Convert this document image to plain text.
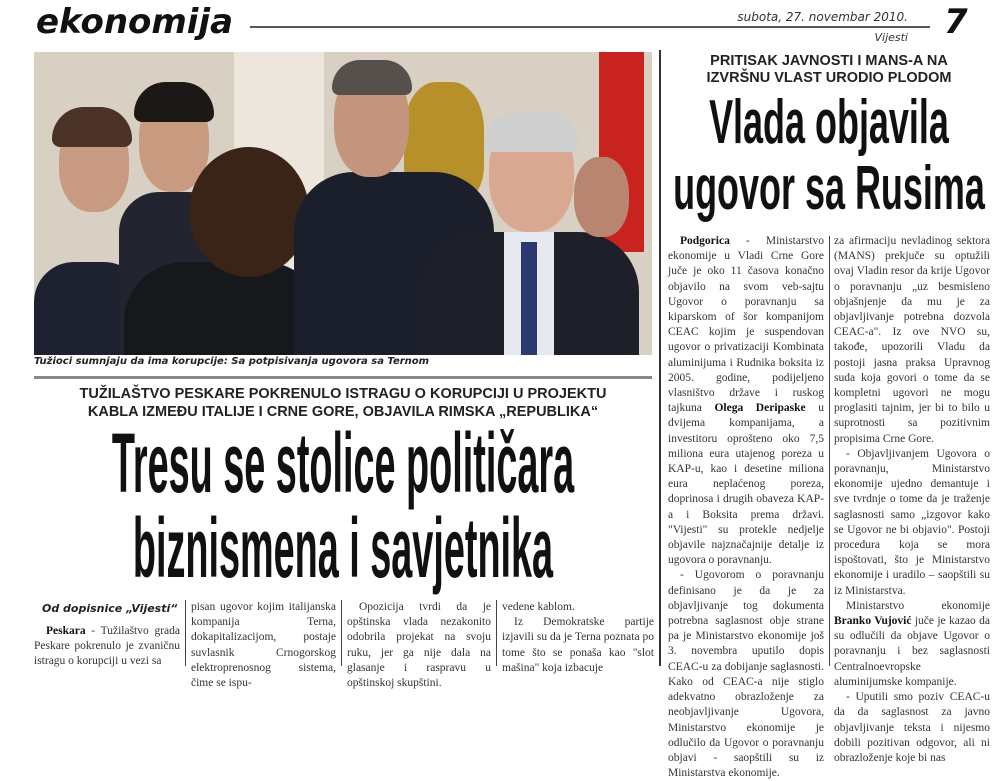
ekonomija	subota, 27. novembar 2010.
Vijesti 7
Tužioci sumnjaju da ima korupcije: Sa potpisivanja ugovora sa Ternom
TUŽILAŠTVO PESKARE POKRENULO ISTRAGU O KORUPCIJI U PROJEKTU
KABLA IZMEĐU ITALIJE I CRNE GORE, OBJAVILA RIMSKA „REPUBLIKA“
Tresu se stolice političara
biznismena i savjetnika
Od dopisnice „Vijesti“

Peskara - Tužilaštvo grada Peskare pokrenulo je zvaničnu istragu o korupciji u vezi sa

pisan ugovor kojim italijanska kompanija Terna, dokapitalizacijom, postaje suvlasnik Crnogorskog elektroprenosnog sistema, čime se ispu-

Opozicija tvrdi da je opštinska vlada nezakonito odobrila projekat na svoju ruku, jer ga nije dala na glasanje i raspravu u opštinskoj skupštini.

vedene kablom.

Iz Demokratske partije izjavili su da je Terna poznata po tome što se ponaša kao "slot mašina" koja izbacuje

PRITISAK JAVNOSTI I MANS-A NA
IZVRŠNU VLAST URODIO PLODOM
Vlada objavila
ugovor sa Rusima

Podgorica - Ministarstvo ekonomije u Vladi Crne Gore juče je oko 11 časova konačno objavilo na svom veb-sajtu Ugovor o poravnanju sa kiparskom of šor kompanijom CEAC kojim je suspendovan ugovor o privatizaciji Kombinata aluminijuma i Rudnika boksita iz 2005. godine, podijeljeno vlasništvo države i ruskog tajkuna Olega Deripaske u dvijema kompanijama, a investitoru oprošteno oko 7,5 miliona eura utajenog poreza u KAP-u, kao i desetine miliona eura neplaćenog poreza, doprinosa i drugih obaveza KAP-a i Boksita prema državi. "Vijesti" su protekle nedjelje objavile najznačajnije detalje iz ugovora o poravnanju.

- Ugovorom o poravnanju definisano je da je za objavljivanje tog dokumenta potrebna saglasnost obje strane pa je Ministarstvo ekonomije još 3. novembra uputilo dopis CEAC-u za dobijanje saglasnosti. Kako od CEAC-a nije stiglo adekvatno obrazloženje za neobjavljivanje Ugovora, Ministarstvo ekonomije je odlučilo da Ugovor o poravnanju objavi - saopštili su iz Ministarstva ekonomije.

za afirmaciju nevladinog sektora (MANS) prekjuče su optužili ovaj Vladin resor da krije Ugovor o poravnanju „uz besmisleno objašnjenje da mu je za objavljivanje potrebna dozvola CEAC-a". Iz ove NVO su, takođe, upozorili Vladu da postoji jasna praksa Upravnog suda koja govori o tome da se kompletni ugovori ne mogu proglasiti tajnim, jer bi to bilo u suprotnosti sa pozitivnim propisima Crne Gore.

- Objavljivanjem Ugovora o poravnanju, Ministarstvo ekonomije ujedno demantuje i sve tvrdnje o tome da je traženje saglasnosti samo „izgovor kako se Ugovor ne bi objavio". Postoji procedura koja se mora ispoštovati, što je Ministarstvo ekonomije i uradilo – saopštili su iz Ministarstva.

Ministarstvo ekonomije Branko Vujović juče je kazao da su odlučili da objave Ugovor o poravnanju i bez saglasnosti Centralnoevropske aluminijumske kompanije.

- Uputili smo poziv CEAC-u da da saglasnost za javno objavljivanje teksta i nijesmo dobili pozitivan odgovor, ali ni obrazloženje koje bi nas
